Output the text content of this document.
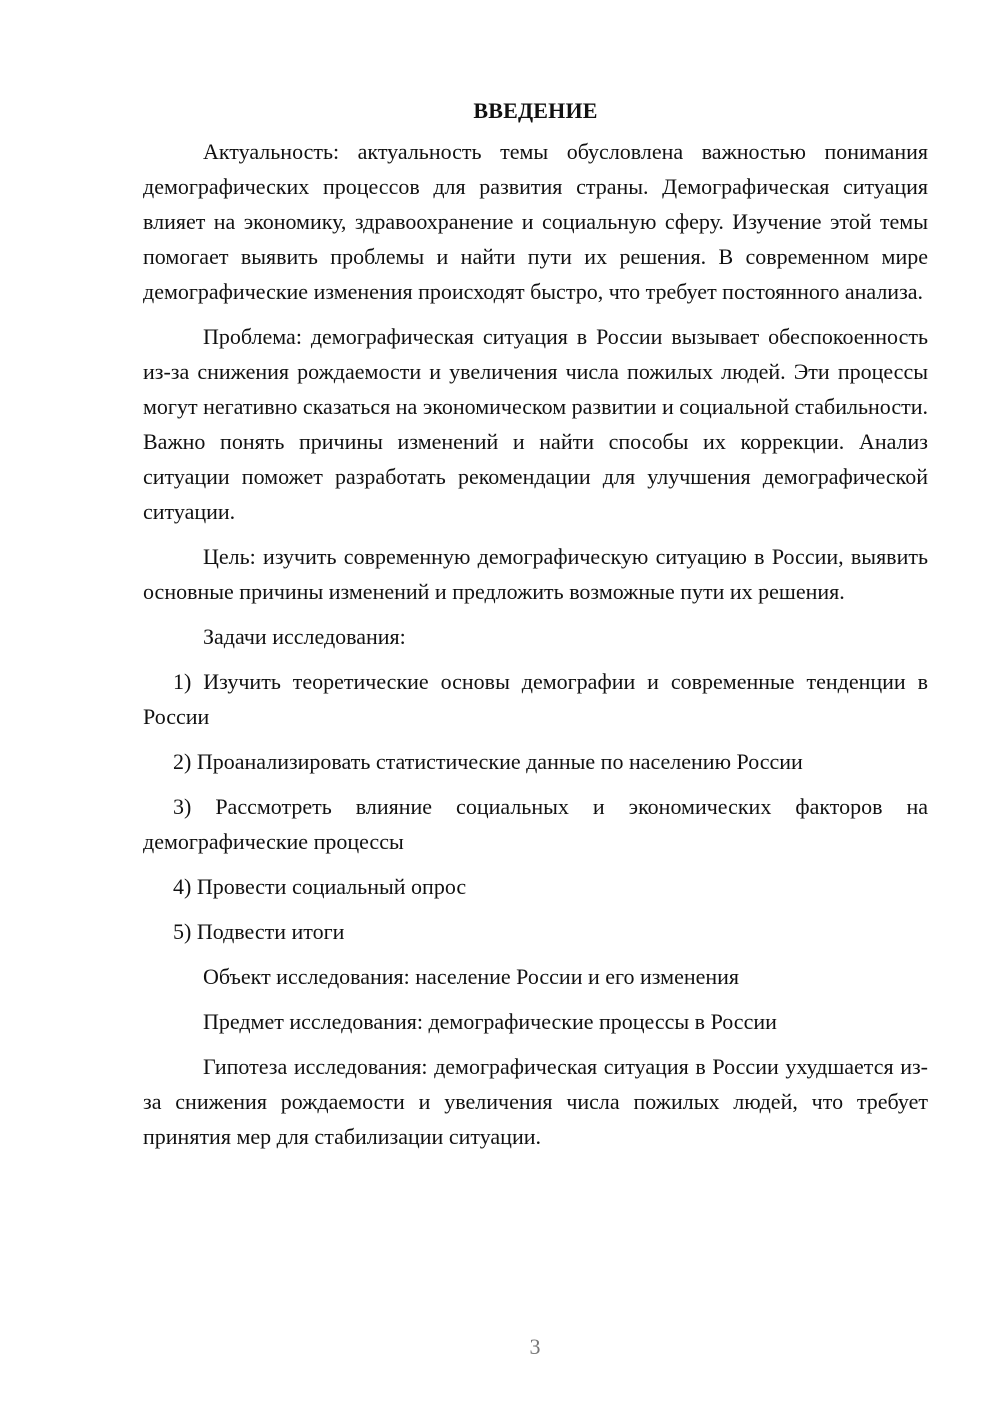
ВВЕДЕНИЕ

Актуальность: актуальность темы обусловлена важностью понимания демографических процессов для развития страны. Демографическая ситуация влияет на экономику, здравоохранение и социальную сферу. Изучение этой темы помогает выявить проблемы и найти пути их решения. В современном мире демографические изменения происходят быстро, что требует постоянного анализа.

Проблема: демографическая ситуация в России вызывает обеспокоенность из-за снижения рождаемости и увеличения числа пожилых людей. Эти процессы могут негативно сказаться на экономическом развитии и социальной стабильности. Важно понять причины изменений и найти способы их коррекции. Анализ ситуации поможет разработать рекомендации для улучшения демографической ситуации.

Цель: изучить современную демографическую ситуацию в России, выявить основные причины изменений и предложить возможные пути их решения.

Задачи исследования:

1) Изучить теоретические основы демографии и современные тенденции в России

2) Проанализировать статистические данные по населению России

3) Рассмотреть влияние социальных и экономических факторов на демографические процессы

4) Провести социальный опрос

5) Подвести итоги

Объект исследования: население России и его изменения

Предмет исследования: демографические процессы в России

Гипотеза исследования: демографическая ситуация в России ухудшается из-за снижения рождаемости и увеличения числа пожилых людей, что требует принятия мер для стабилизации ситуации.

3
